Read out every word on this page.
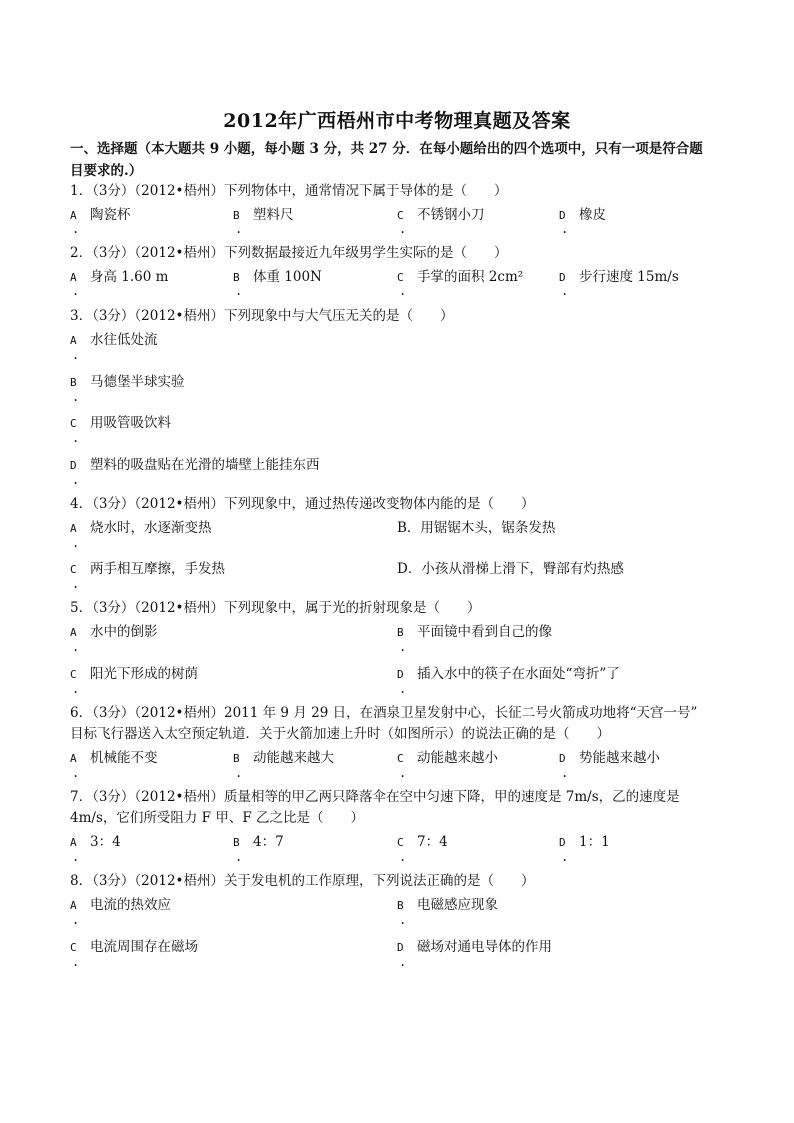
2012年广西梧州市中考物理真题及答案
一、选择题（本大题共 9 小题，每小题 3 分，共 27 分．在每小题给出的四个选项中，只有一项是符合题
目要求的.）
1．（3分）（2012•梧州）下列物体中，通常情况下属于导体的是（　　）
A 陶瓷杯	B 塑料尺	C 不锈钢小刀	D 橡皮
.	.	.	.
2．（3分）（2012•梧州）下列数据最接近九年级男学生实际的是（　　）
A 身高 1.60 m	B 体重 100N	C 手掌的面积 2cm²	D 步行速度 15m/s
.	.	.	.
3．（3分）（2012•梧州）下列现象中与大气压无关的是（　　）
A 水往低处流
.
B 马德堡半球实验
.
C 用吸管吸饮料
.
D 塑料的吸盘贴在光滑的墙壁上能挂东西
.
4．（3分）（2012•梧州）下列现象中，通过热传递改变物体内能的是（　　）
A 烧水时，水逐渐变热	B．用锯锯木头，锯条发热
.
C 两手相互摩擦，手发热	D．小孩从滑梯上滑下，臀部有灼热感
.
5．（3分）（2012•梧州）下列现象中，属于光的折射现象是（　　）
A 水中的倒影	B 平面镜中看到自己的像
.	.
C 阳光下形成的树荫	D 插入水中的筷子在水面处“弯折”了
.	.
6．（3分）（2012•梧州）2011 年 9 月 29 日，在酒泉卫星发射中心，长征二号火箭成功地将“天宫一号”
目标飞行器送入太空预定轨道．关于火箭加速上升时（如图所示）的说法正确的是（　　）
A 机械能不变	B 动能越来越大	C 动能越来越小	D 势能越来越小
.	.	.	.
7．（3分）（2012•梧州）质量相等的甲乙两只降落伞在空中匀速下降，甲的速度是 7m/s，乙的速度是
4m/s，它们所受阻力 F 甲、F 乙之比是（　　）
A 3：4	B 4：7	C 7：4	D 1：1
.	.	.	.
8．（3分）（2012•梧州）关于发电机的工作原理，下列说法正确的是（　　）
A 电流的热效应	B 电磁感应现象
.	.
C 电流周围存在磁场	D 磁场对通电导体的作用
.	.
